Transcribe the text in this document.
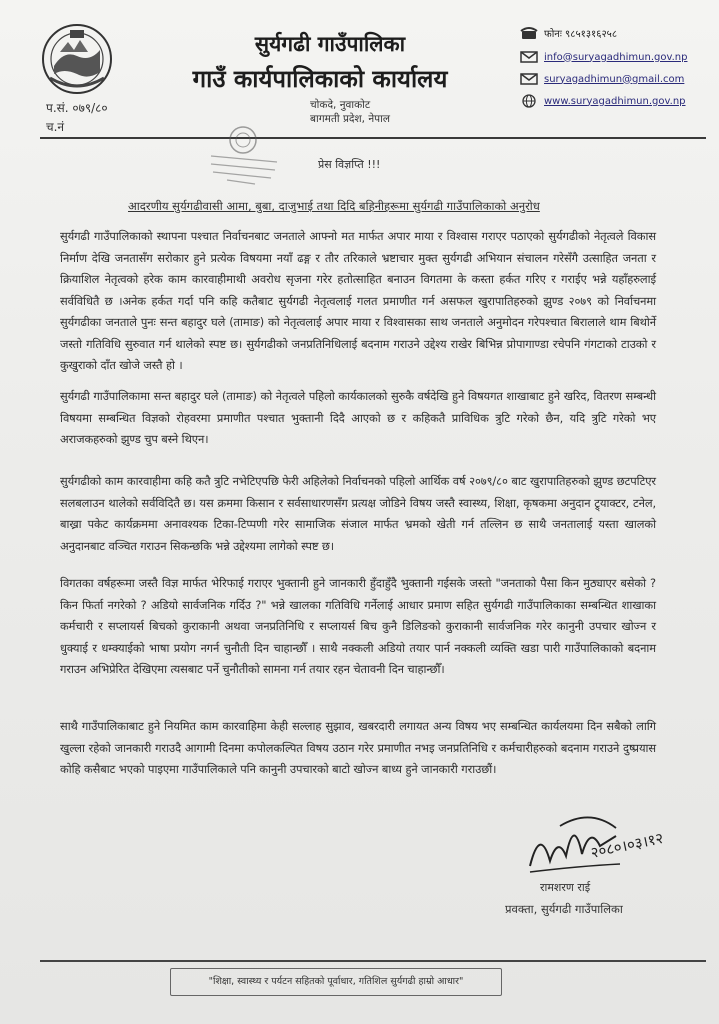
सुर्यगढी गाउँपालिका
गाउँ कार्यपालिकाको कार्यालय
चोकदे, नुवाकोट
बागमती प्रदेश, नेपाल
प.सं. ०७९/८०
च.नं
फोनः ९८५१३१६२५८
info@suryagadhimun.gov.np
suryagadhimun@gmail.com
www.suryagadhimun.gov.np
प्रेस विज्ञप्ति !!!
आदरणीय सुर्यगढीवासी आमा, बुबा, दाजुभाई तथा दिदि बहिनीहरूमा सुर्यगढी गाउँपालिकाको अनुरोध
सुर्यगढी गाउँपालिकाको स्थापना पश्चात निर्वाचनबाट जनताले आफ्नो मत मार्फत अपार माया र विश्वास गराएर पठाएको सुर्यगढीको नेतृत्वले विकास निर्माण देखि जनतासँग सरोकार हुने प्रत्येक विषयमा नयाँ ढङ्ग र तौर तरिकाले भ्रष्टाचार मुक्त सुर्यगढी अभियान संचालन गरेसँगै उत्साहित जनता र क्रियाशिल नेतृत्वको हरेक काम कारवाहीमाथी अवरोध सृजना गरेर हतोत्साहित बनाउन विगतमा के कस्ता हर्कत गरिए र गराईए भन्ने यहाँहरुलाई सर्वविधितै छ ।अनेक हर्कत गर्दा पनि कहि कतैबाट सुर्यगढी नेतृत्वलाई गलत प्रमाणीत गर्न असफल खुरापातिहरुको झुण्ड २०७९ को निर्वाचनमा सुर्यगढीका जनताले पुनः सन्त बहादुर घले (तामाङ) को नेतृत्वलाई अपार माया र विश्वासका साथ जनताले अनुमोदन गरेपश्चात बिरालाले थाम बिथोर्ने जस्तो गतिविधि सुरुवात गर्न थालेको स्पष्ट छ। सुर्यगढीको जनप्रतिनिधिलाई बदनाम गराउने उद्देश्य राखेर बिभिन्न प्रोपागाण्डा रचेपनि गंगटाको टाउको र कुखुराको दाँत खोजे जस्तै हो ।
सुर्यगढी गाउँपालिकामा सन्त बहादुर घले (तामाङ) को नेतृत्वले पहिलो कार्यकालको सुरुकै वर्षदेखि हुने विषयगत शाखाबाट हुने खरिद, वितरण सम्बन्धी विषयमा सम्बन्धित विज्ञको रोहवरमा प्रमाणीत पश्चात भुक्तानी दिदै आएको छ र कहिकतै प्राविधिक त्रुटि गरेको छैन, यदि त्रुटि गरेको भए अराजकहरुको झुण्ड चुप बस्ने थिएन।
सुर्यगढीको काम कारवाहीमा कहि कतै त्रुटि नभेटिएपछि फेरी अहिलेको निर्वाचनको पहिलो आर्थिक वर्ष २०७९/८० बाट खुरापातिहरुको झुण्ड छटपटिएर सलबलाउन थालेको सर्वविदितै छ। यस क्रममा किसान र सर्वसाधारणसँग प्रत्यक्ष जोडिने विषय जस्तै स्वास्थ्य, शिक्षा, कृषकमा अनुदान ट्र्याक्टर, टनेल, बाख्रा पकेट कार्यक्रममा अनावश्यक टिका-टिप्पणी गरेर सामाजिक संजाल मार्फत भ्रमको खेती गर्न तल्लिन छ साथै जनतालाई यस्ता खालको अनुदानबाट वञ्चित गराउन सिकन्छकि भन्ने उद्देश्यमा लागेको स्पष्ट छ।
विगतका वर्षहरूमा जस्तै विज्ञ मार्फत भेरिफाई गराएर भुक्तानी हुने जानकारी हुँदाहुँदै भुक्तानी गईसके जस्तो "जनताको पैसा किन मुठ्याएर बसेको ? किन फिर्ता नगरेको ? अडियो सार्वजनिक गर्दिउ ?" भन्ने खालका गतिविधि गर्नेलाई आधार प्रमाण सहित सुर्यगढी गाउँपालिकाका सम्बन्धित शाखाका कर्मचारी र सप्लायर्स बिचको कुराकानी अथवा जनप्रतिनिधि र सप्लायर्स बिच कुनै डिलिङको कुराकानी सार्वजनिक गरेर कानुनी उपचार खोज्न र धुक्याई र धम्क्याईको भाषा प्रयोग नगर्न चुनौती दिन चाहान्छौँ । साथै नक्कली अडियो तयार पार्न नक्कली व्यक्ति खडा पारी गाउँपालिकाको बदनाम गराउन अभिप्रेरित देखिएमा त्यसबाट पर्ने चुनौतीको सामना गर्न तयार रहन चेतावनी दिन चाहान्छौँ।
साथै गाउँपालिकाबाट हुने नियमित काम कारवाहिमा केही सल्लाह सुझाव, खबरदारी लगायत अन्य विषय भए सम्बन्धित कार्यलयमा दिन सबैको लागि खुल्ला रहेको जानकारी गराउदै आगामी दिनमा कपोलकल्पित विषय उठान गरेर प्रमाणीत नभइ जनप्रतिनिधि र कर्मचारीहरुको बदनाम गराउने दुष्प्रयास कोहि कसैबाट भएको पाइएमा गाउँपालिकाले पनि कानुनी उपचारको बाटो खोज्न बाध्य हुने जानकारी गराउछौं।
२०८०।०३।१२
रामशरण राई
प्रवक्ता, सुर्यगढी गाउँपालिका
"शिक्षा, स्वास्थ्य र पर्यटन सहितको पूर्वाधार, गतिशिल सुर्यगढी हाम्रो आधार"
